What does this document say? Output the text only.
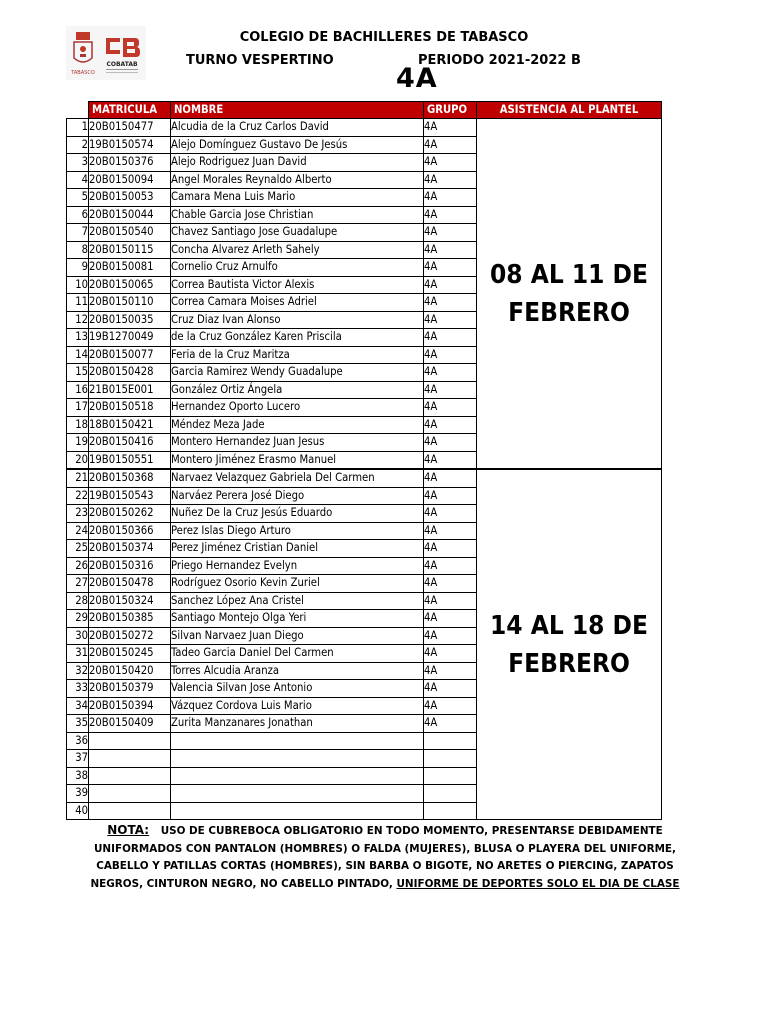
TABASCO
COBATAB
COLEGIO DE BACHILLERES DE TABASCO
TURNO VESPERTINO	PERIODO 2021-2022 B
4A
	MATRICULA	NOMBRE	GRUPO	ASISTENCIA AL PLANTEL
1	20B0150477	Alcudia de la Cruz Carlos David	4A	08 AL 11 DE FEBRERO

2	19B0150574	Alejo Domínguez Gustavo De Jesús	4A	
3	20B0150376	Alejo Rodriguez Juan David	4A	
4	20B0150094	Angel Morales Reynaldo Alberto	4A	
5	20B0150053	Camara Mena Luis Mario	4A	
6	20B0150044	Chable Garcia Jose Christian	4A	
7	20B0150540	Chavez Santiago Jose Guadalupe	4A	
8	20B0150115	Concha Alvarez Arleth Sahely	4A	
9	20B0150081	Cornelio Cruz Arnulfo	4A	
10	20B0150065	Correa Bautista Victor Alexis	4A	
11	20B0150110	Correa Camara Moises Adriel	4A	
12	20B0150035	Cruz Diaz Ivan Alonso	4A	
13	19B1270049	de la Cruz González Karen Priscila	4A	
14	20B0150077	Feria de la Cruz Maritza	4A	
15	20B0150428	Garcia Ramirez Wendy Guadalupe	4A	
16	21B015E001	González Ortiz Ángela	4A	
17	20B0150518	Hernandez Oporto Lucero	4A	
18	18B0150421	Méndez Meza Jade	4A	
19	20B0150416	Montero Hernandez Juan Jesus	4A	
20	19B0150551	Montero Jiménez Erasmo Manuel	4A	
21	20B0150368	Narvaez Velazquez Gabriela Del Carmen	4A	14 AL 18 DE FEBRERO

22	19B0150543	Narváez Perera José Diego	4A	
23	20B0150262	Nuñez De la Cruz Jesús Eduardo	4A	
24	20B0150366	Perez Islas Diego Arturo	4A	
25	20B0150374	Perez Jiménez Cristian Daniel	4A	
26	20B0150316	Priego Hernandez Evelyn	4A	
27	20B0150478	Rodríguez Osorio Kevin Zuriel	4A	
28	20B0150324	Sanchez López Ana Cristel	4A	
29	20B0150385	Santiago Montejo Olga Yeri	4A	
30	20B0150272	Silvan Narvaez Juan Diego	4A	
31	20B0150245	Tadeo Garcia Daniel Del Carmen	4A	
32	20B0150420	Torres Alcudia Aranza	4A	
33	20B0150379	Valencia Silvan Jose Antonio	4A	
34	20B0150394	Vázquez Cordova Luis Mario	4A	
35	20B0150409	Zurita Manzanares Jonathan	4A	
36				
37				
38				
39				
40				
NOTA: USO DE CUBREBOCA OBLIGATORIO EN TODO MOMENTO, PRESENTARSE DEBIDAMENTE UNIFORMADOS CON PANTALON (HOMBRES) O FALDA (MUJERES), BLUSA O PLAYERA DEL UNIFORME, CABELLO Y PATILLAS CORTAS (HOMBRES), SIN BARBA O BIGOTE, NO ARETES O PIERCING, ZAPATOS NEGROS, CINTURON NEGRO, NO CABELLO PINTADO, UNIFORME DE DEPORTES SOLO EL DIA DE CLASE
